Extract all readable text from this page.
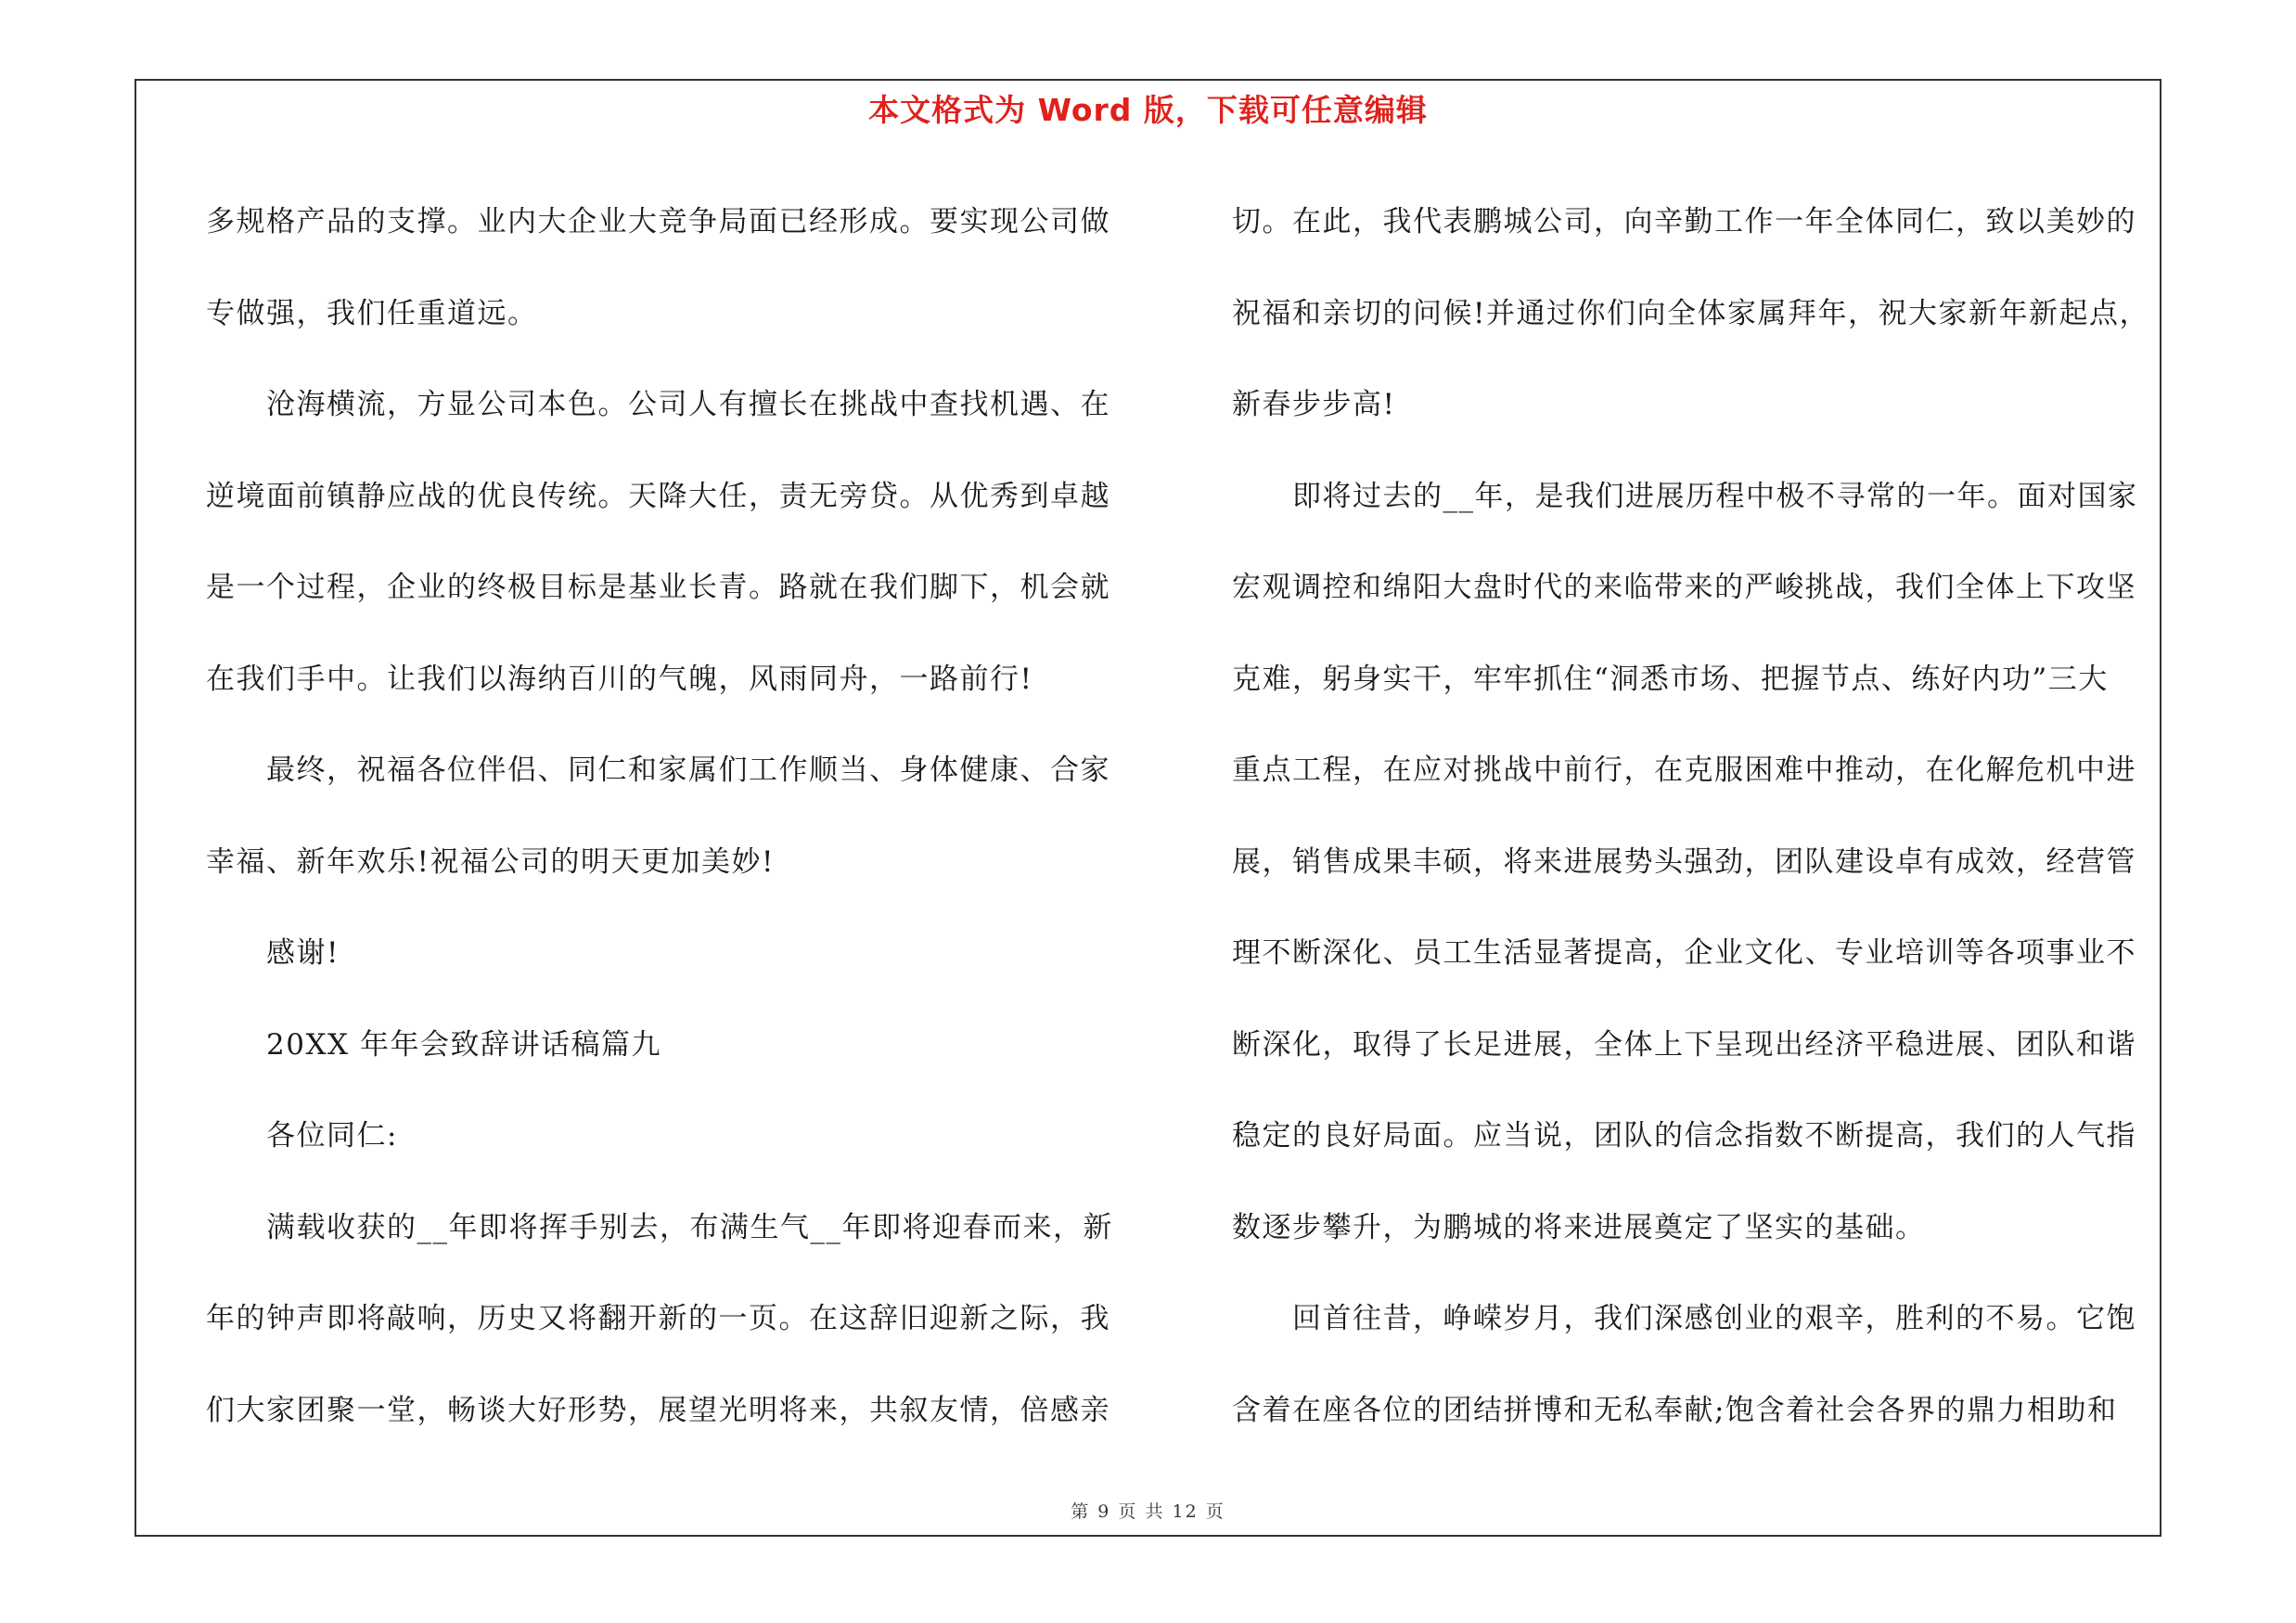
本文格式为 Word 版，下载可任意编辑
多规格产品的支撑。业内大企业大竞争局面已经形成。要实现公司做
专做强，我们任重道远。
沧海横流，方显公司本色。公司人有擅长在挑战中查找机遇、在
逆境面前镇静应战的优良传统。天降大任，责无旁贷。从优秀到卓越
是一个过程，企业的终极目标是基业长青。路就在我们脚下，机会就
在我们手中。让我们以海纳百川的气魄，风雨同舟，一路前行!
最终，祝福各位伴侣、同仁和家属们工作顺当、身体健康、合家
幸福、新年欢乐!祝福公司的明天更加美妙!
感谢!
20XX 年年会致辞讲话稿篇九
各位同仁:
满载收获的__年即将挥手别去，布满生气__年即将迎春而来，新
年的钟声即将敲响，历史又将翻开新的一页。在这辞旧迎新之际，我
们大家团聚一堂，畅谈大好形势，展望光明将来，共叙友情，倍感亲
切。在此，我代表鹏城公司，向辛勤工作一年全体同仁，致以美妙的
祝福和亲切的问候!并通过你们向全体家属拜年，祝大家新年新起点，
新春步步高!
即将过去的__年，是我们进展历程中极不寻常的一年。面对国家
宏观调控和绵阳大盘时代的来临带来的严峻挑战，我们全体上下攻坚
克难，躬身实干，牢牢抓住“洞悉市场、把握节点、练好内功”三大
重点工程，在应对挑战中前行，在克服困难中推动，在化解危机中进
展，销售成果丰硕，将来进展势头强劲，团队建设卓有成效，经营管
理不断深化、员工生活显著提高，企业文化、专业培训等各项事业不
断深化，取得了长足进展，全体上下呈现出经济平稳进展、团队和谐
稳定的良好局面。应当说，团队的信念指数不断提高，我们的人气指
数逐步攀升，为鹏城的将来进展奠定了坚实的基础。
回首往昔，峥嵘岁月，我们深感创业的艰辛，胜利的不易。它饱
含着在座各位的团结拼博和无私奉献;饱含着社会各界的鼎力相助和
第 9 页 共 12 页
